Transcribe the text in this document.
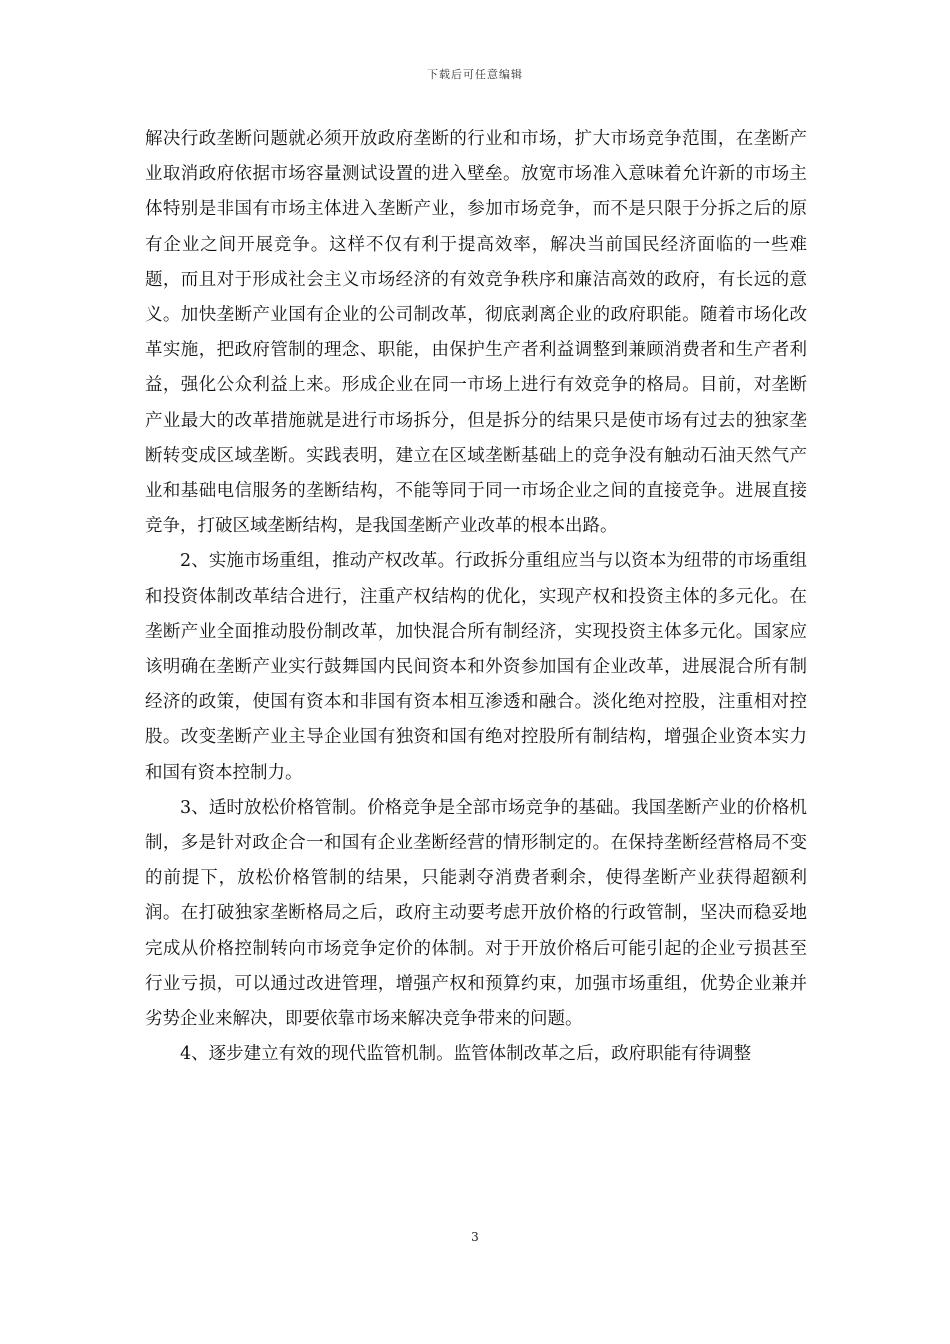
下载后可任意编辑

解决行政垄断问题就必须开放政府垄断的行业和市场，扩大市场竞争范围，在垄断产业取消政府依据市场容量测试设置的进入壁垒。放宽市场准入意味着允许新的市场主体特别是非国有市场主体进入垄断产业，参加市场竞争，而不是只限于分拆之后的原有企业之间开展竞争。这样不仅有利于提高效率，解决当前国民经济面临的一些难题，而且对于形成社会主义市场经济的有效竞争秩序和廉洁高效的政府，有长远的意义。加快垄断产业国有企业的公司制改革，彻底剥离企业的政府职能。随着市场化改革实施，把政府管制的理念、职能，由保护生产者利益调整到兼顾消费者和生产者利益，强化公众利益上来。形成企业在同一市场上进行有效竞争的格局。目前，对垄断产业最大的改革措施就是进行市场拆分，但是拆分的结果只是使市场有过去的独家垄断转变成区域垄断。实践表明，建立在区域垄断基础上的竞争没有触动石油天然气产业和基础电信服务的垄断结构，不能等同于同一市场企业之间的直接竞争。进展直接竞争，打破区域垄断结构，是我国垄断产业改革的根本出路。

2、实施市场重组，推动产权改革。行政拆分重组应当与以资本为纽带的市场重组和投资体制改革结合进行，注重产权结构的优化，实现产权和投资主体的多元化。在垄断产业全面推动股份制改革，加快混合所有制经济，实现投资主体多元化。国家应该明确在垄断产业实行鼓舞国内民间资本和外资参加国有企业改革，进展混合所有制经济的政策，使国有资本和非国有资本相互渗透和融合。淡化绝对控股，注重相对控股。改变垄断产业主导企业国有独资和国有绝对控股所有制结构，增强企业资本实力和国有资本控制力。

3、适时放松价格管制。价格竞争是全部市场竞争的基础。我国垄断产业的价格机制，多是针对政企合一和国有企业垄断经营的情形制定的。在保持垄断经营格局不变的前提下，放松价格管制的结果，只能剥夺消费者剩余，使得垄断产业获得超额利润。在打破独家垄断格局之后，政府主动要考虑开放价格的行政管制，坚决而稳妥地完成从价格控制转向市场竞争定价的体制。对于开放价格后可能引起的企业亏损甚至行业亏损，可以通过改进管理，增强产权和预算约束，加强市场重组，优势企业兼并劣势企业来解决，即要依靠市场来解决竞争带来的问题。

4、逐步建立有效的现代监管机制。监管体制改革之后，政府职能有待调整

3
